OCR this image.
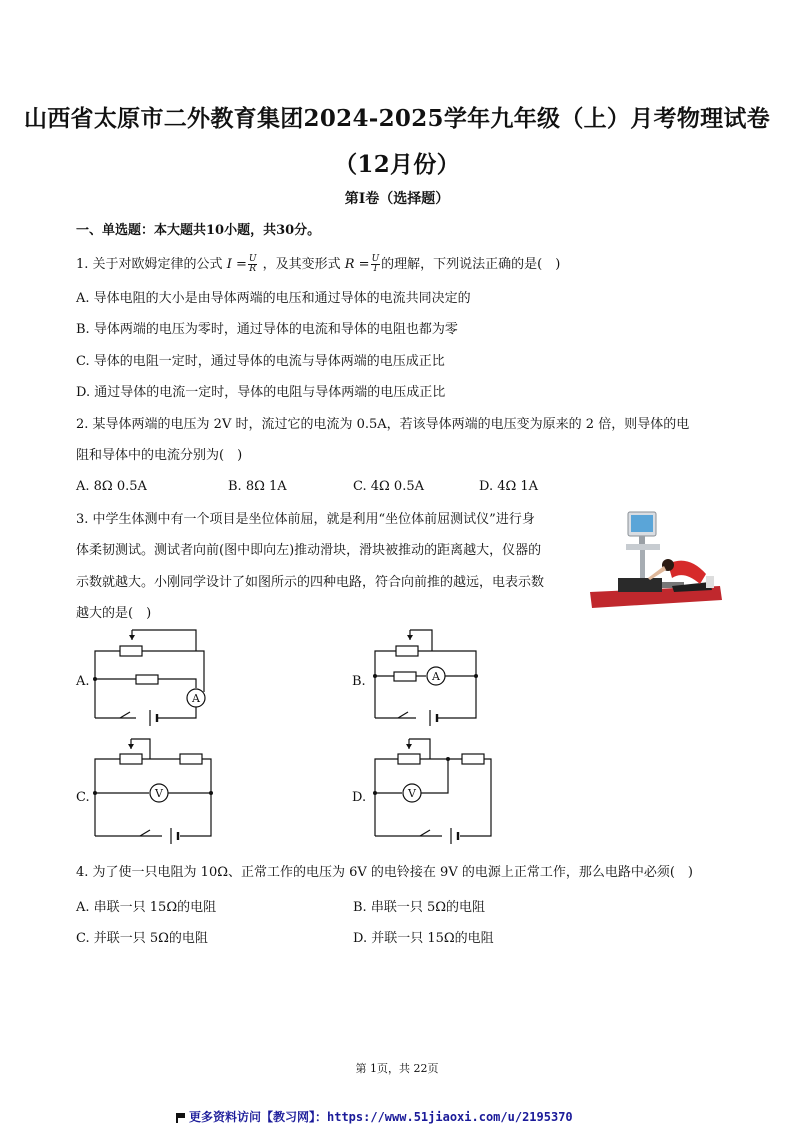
山西省太原市二外教育集团2024-2025学年九年级（上）月考物理试卷
（12月份）
第Ⅰ卷（选择题）
一、单选题：本大题共10小题，共30分。
1. 关于对欧姆定律的公式 $I = \frac{U}{R}$ ，及其变形式 $R = \frac{U}{I}$ 的理解，下列说法正确的是(　)
A. 导体电阻的大小是由导体两端的电压和通过导体的电流共同决定的
B. 导体两端的电压为零时，通过导体的电流和导体的电阻也都为零
C. 导体的电阻一定时，通过导体的电流与导体两端的电压成正比
D. 通过导体的电流一定时，导体的电阻与导体两端的电压成正比
2. 某导体两端的电压为 2V 时，流过它的电流为 0.5A，若该导体两端的电压变为原来的 2 倍，则导体的电
阻和导体中的电流分别为(　)
A. 8Ω 0.5A	B. 8Ω 1A	C. 4Ω 0.5A	D. 4Ω 1A
3. 中学生体测中有一个项目是坐位体前屈，就是利用“坐位体前屈测试仪”进行身
体柔韧测试。测试者向前(图中即向左)推动滑块，滑块被推动的距离越大，仪器的
示数就越大。小刚同学设计了如图所示的四种电路，符合向前推的越远，电表示数
越大的是(　)
A.
A
B.	A
C.	V	D.	V
4. 为了使一只电阻为 10Ω、正常工作的电压为 6V 的电铃接在 9V 的电源上正常工作，那么电路中必须(　)
A. 串联一只 15Ω的电阻	B. 串联一只 5Ω的电阻
C. 并联一只 5Ω的电阻	D. 并联一只 15Ω的电阻
第 1页，共 22页
更多资料访问【教习网】：https://www.51jiaoxi.com/u/2195370
